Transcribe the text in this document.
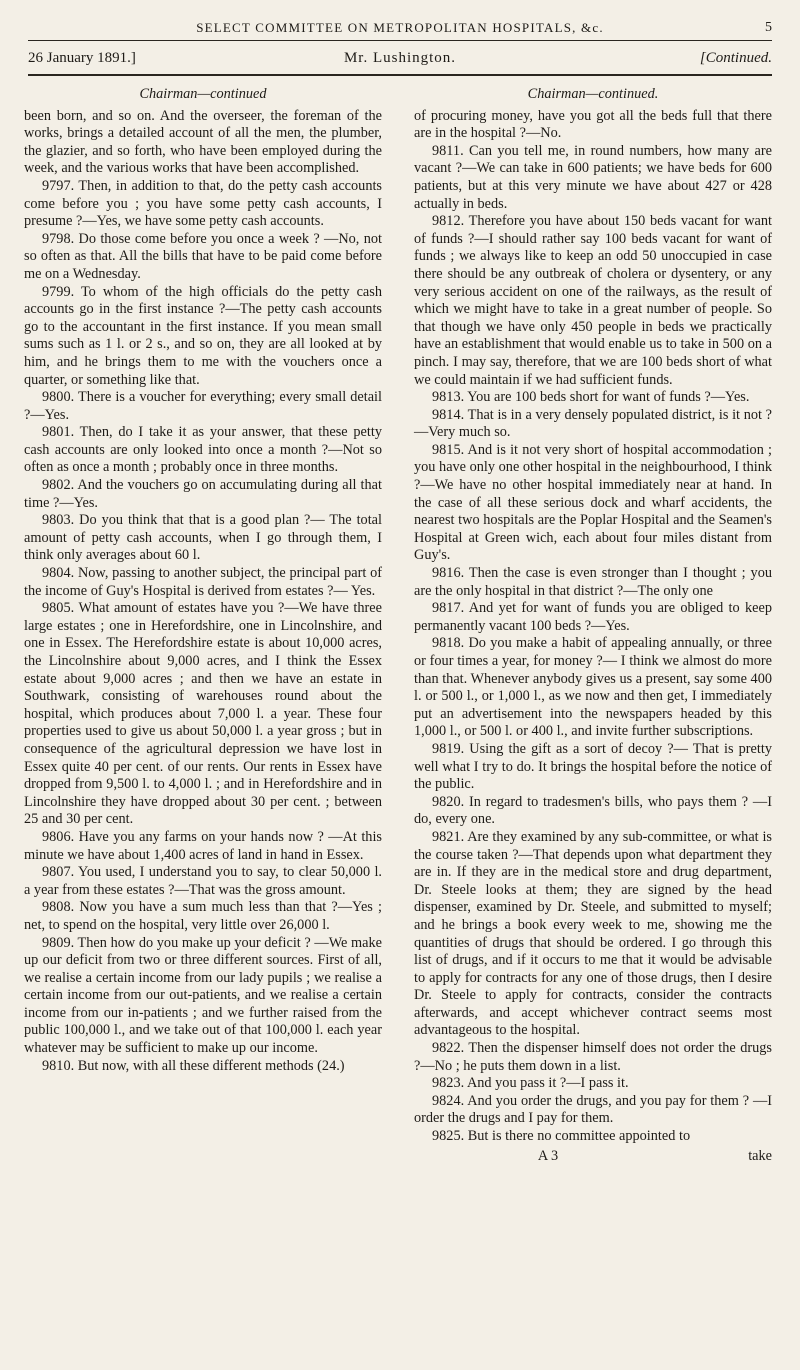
SELECT COMMITTEE ON METROPOLITAN HOSPITALS, &c.	5
26 January 1891.]	Mr. Lushington.	[Continued.
Chairman—continued

been born, and so on. And the overseer, the foreman of the works, brings a detailed account of all the men, the plumber, the glazier, and so forth, who have been employed during the week, and the various works that have been accomplished.

9797. Then, in addition to that, do the petty cash accounts come before you ; you have some petty cash accounts, I presume ?—Yes, we have some petty cash accounts.

9798. Do those come before you once a week ? —No, not so often as that. All the bills that have to be paid come before me on a Wednesday.

9799. To whom of the high officials do the petty cash accounts go in the first instance ?—The petty cash accounts go to the accountant in the first instance. If you mean small sums such as 1 l. or 2 s., and so on, they are all looked at by him, and he brings them to me with the vouchers once a quarter, or something like that.

9800. There is a voucher for everything; every small detail ?—Yes.

9801. Then, do I take it as your answer, that these petty cash accounts are only looked into once a month ?—Not so often as once a month ; probably once in three months.

9802. And the vouchers go on accumulating during all that time ?—Yes.

9803. Do you think that that is a good plan ?— The total amount of petty cash accounts, when I go through them, I think only averages about 60 l.

9804. Now, passing to another subject, the principal part of the income of Guy's Hospital is derived from estates ?— Yes.

9805. What amount of estates have you ?—We have three large estates ; one in Herefordshire, one in Lincolnshire, and one in Essex. The Herefordshire estate is about 10,000 acres, the Lincolnshire about 9,000 acres, and I think the Essex estate about 9,000 acres ; and then we have an estate in Southwark, consisting of warehouses round about the hospital, which produces about 7,000 l. a year. These four properties used to give us about 50,000 l. a year gross ; but in consequence of the agricultural depression we have lost in Essex quite 40 per cent. of our rents. Our rents in Essex have dropped from 9,500 l. to 4,000 l. ; and in Herefordshire and in Lincolnshire they have dropped about 30 per cent. ; between 25 and 30 per cent.

9806. Have you any farms on your hands now ? —At this minute we have about 1,400 acres of land in hand in Essex.

9807. You used, I understand you to say, to clear 50,000 l. a year from these estates ?—That was the gross amount.

9808. Now you have a sum much less than that ?—Yes ; net, to spend on the hospital, very little over 26,000 l.

9809. Then how do you make up your deficit ? —We make up our deficit from two or three different sources. First of all, we realise a certain income from our lady pupils ; we realise a certain income from our out-patients, and we realise a certain income from our in-patients ; and we further raised from the public 100,000 l., and we take out of that 100,000 l. each year whatever may be sufficient to make up our income.

9810. But now, with all these different methods (24.)

Chairman—continued.

of procuring money, have you got all the beds full that there are in the hospital ?—No.

9811. Can you tell me, in round numbers, how many are vacant ?—We can take in 600 patients; we have beds for 600 patients, but at this very minute we have about 427 or 428 actually in beds.

9812. Therefore you have about 150 beds vacant for want of funds ?—I should rather say 100 beds vacant for want of funds ; we always like to keep an odd 50 unoccupied in case there should be any outbreak of cholera or dysentery, or any very serious accident on one of the railways, as the result of which we might have to take in a great number of people. So that though we have only 450 people in beds we practically have an establishment that would enable us to take in 500 on a pinch. I may say, therefore, that we are 100 beds short of what we could maintain if we had sufficient funds.

9813. You are 100 beds short for want of funds ?—Yes.

9814. That is in a very densely populated district, is it not ?—Very much so.

9815. And is it not very short of hospital accommodation ; you have only one other hospital in the neighbourhood, I think ?—We have no other hospital immediately near at hand. In the case of all these serious dock and wharf accidents, the nearest two hospitals are the Poplar Hospital and the Seamen's Hospital at Green wich, each about four miles distant from Guy's.

9816. Then the case is even stronger than I thought ; you are the only hospital in that district ?—The only one

9817. And yet for want of funds you are obliged to keep permanently vacant 100 beds ?—Yes.

9818. Do you make a habit of appealing annually, or three or four times a year, for money ?— I think we almost do more than that. Whenever anybody gives us a present, say some 400 l. or 500 l., or 1,000 l., as we now and then get, I immediately put an advertisement into the newspapers headed by this 1,000 l., or 500 l. or 400 l., and invite further subscriptions.

9819. Using the gift as a sort of decoy ?— That is pretty well what I try to do. It brings the hospital before the notice of the public.

9820. In regard to tradesmen's bills, who pays them ? —I do, every one.

9821. Are they examined by any sub-committee, or what is the course taken ?—That depends upon what department they are in. If they are in the medical store and drug department, Dr. Steele looks at them; they are signed by the head dispenser, examined by Dr. Steele, and submitted to myself; and he brings a book every week to me, showing me the quantities of drugs that should be ordered. I go through this list of drugs, and if it occurs to me that it would be advisable to apply for contracts for any one of those drugs, then I desire Dr. Steele to apply for contracts, consider the contracts afterwards, and accept whichever contract seems most advantageous to the hospital.

9822. Then the dispenser himself does not order the drugs ?—No ; he puts them down in a list.

9823. And you pass it ?—I pass it.

9824. And you order the drugs, and you pay for them ? —I order the drugs and I pay for them.

9825. But is there no committee appointed to

A 3	take
